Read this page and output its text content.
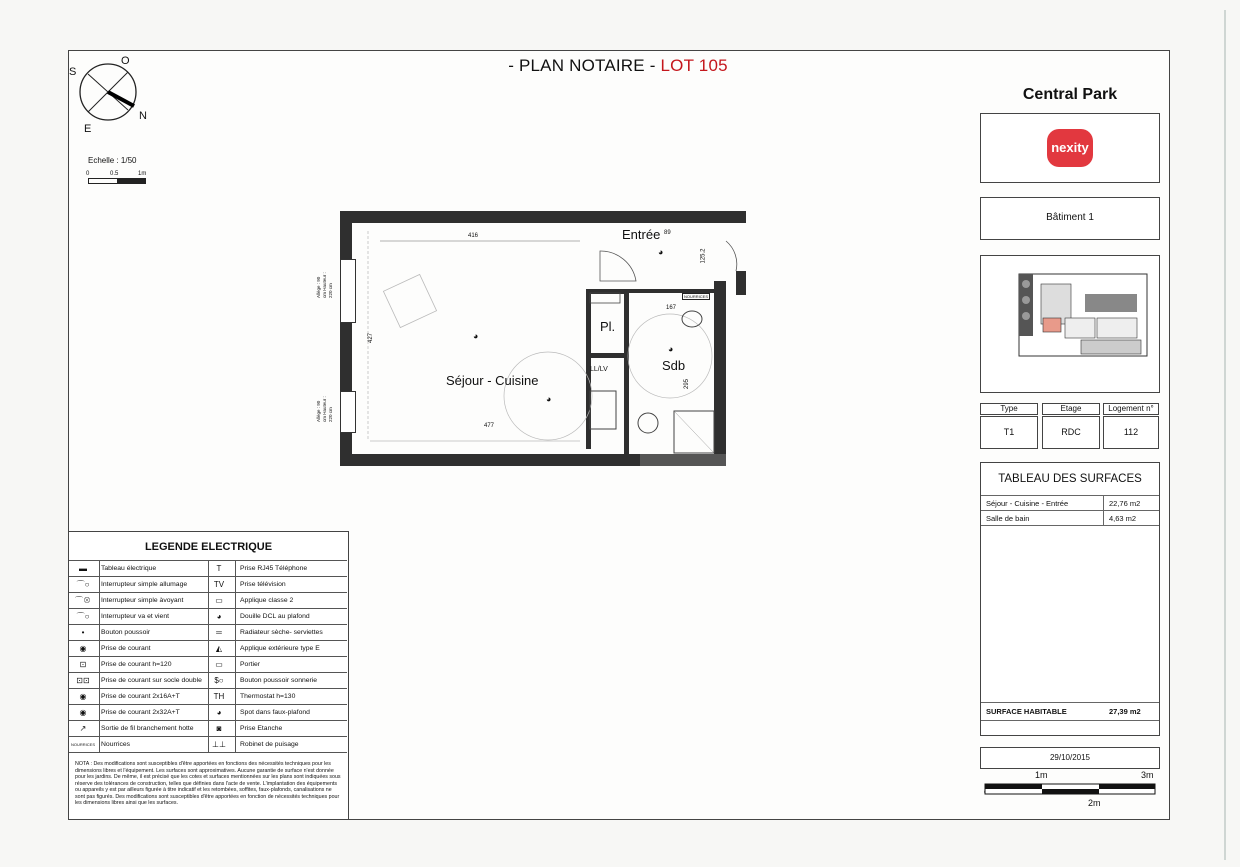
- PLAN NOTAIRE - LOT 105
S
O
E
N
Echelle : 1/50
0	0.5	1m
Entrée
Séjour - Cuisine
Pl.
Sdb
LL/LV
416
427
477
167
295
125.2
89
NOURRICES
◕
◕
◕
◕
Allège : 90 cm Hauteur : 220 cm
Allège : 90 cm Hauteur : 220 cm
Central Park
nexity
Bâtiment 1
Type	Etage	Logement n°
T1	RDC	112
TABLEAU DES SURFACES
Séjour - Cuisine - Entrée	22,76 m2
Salle de bain	4,63 m2
SURFACE HABITABLE	27,39 m2
29/10/2015
1m	3m
2m
LEGENDE ELECTRIQUE
▬	Tableau électrique	T	Prise RJ45 Téléphone
⌒○	Interrupteur simple allumage	TV	Prise télévision
⌒⊗	Interrupteur simple àvoyant	▭	Applique classe 2
⌒○	Interrupteur va et vient	◕	Douille DCL au plafond
•	Bouton poussoir	═	Radiateur sèche- serviettes
◉	Prise de courant	◭	Applique extérieure type E
⊡	Prise de courant h=120	▭	Portier
⊡⊡	Prise de courant sur socle double	$○	Bouton poussoir sonnerie
◉	Prise de courant 2x16A+T	TH	Thermostat h=130
◉	Prise de courant 2x32A+T	◕	Spot dans faux-plafond
↗	Sortie de fil branchement hotte	◙	Prise Etanche
NOURRICES Nourrices	⊥⊥	Robinet de puisage
NOTA : Des modifications sont susceptibles d'être apportées en fonctions des nécessités techniques pour les dimensions libres et l'équipement. Les surfaces sont approximatives. Aucune garantie de surface n'est donnée pour les jardins. De même, il est précisé que les cotes et surfaces mentionnées sur les plans sont indiquées sous réserve des tolérances de construction, telles que définies dans l'acte de vente. L'implantation des équipements ou appareils y est par ailleurs figurée à titre indicatif et les retombées, soffites, faux-plafonds, canalisations ne sont pas figurés. Des modifications sont susceptibles d'être apportées en fonction de nécessités techniques pour les dimensions libres ainsi que les surfaces.
